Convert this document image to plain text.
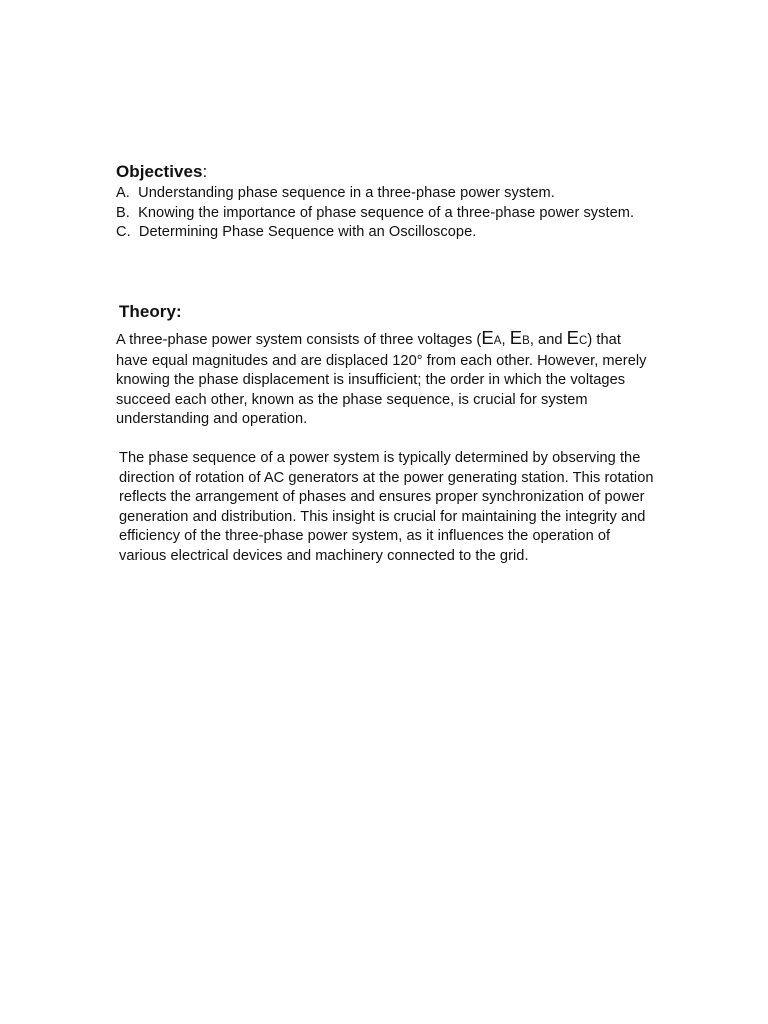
Objectives:

A. Understanding phase sequence in a three-phase power system.
B. Knowing the importance of phase sequence of a three-phase power system.
C. Determining Phase Sequence with an Oscilloscope.

Theory:

A three-phase power system consists of three voltages (EA, EB, and EC) that have equal magnitudes and are displaced 120° from each other. However, merely knowing the phase displacement is insufficient; the order in which the voltages succeed each other, known as the phase sequence, is crucial for system understanding and operation.

The phase sequence of a power system is typically determined by observing the direction of rotation of AC generators at the power generating station. This rotation reflects the arrangement of phases and ensures proper synchronization of power generation and distribution. This insight is crucial for maintaining the integrity and efficiency of the three-phase power system, as it influences the operation of various electrical devices and machinery connected to the grid.
